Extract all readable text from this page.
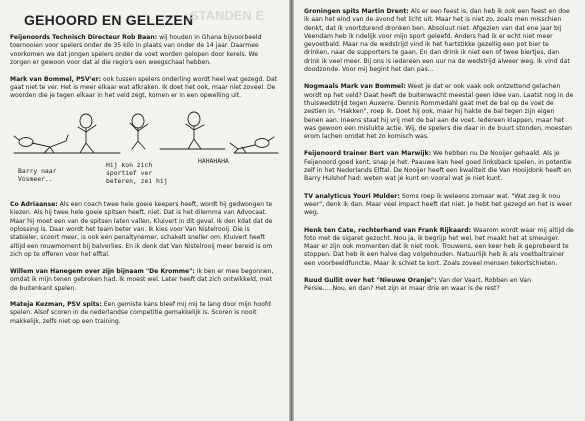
STANDEN E
GEHOORD EN GELEZEN

Feijenoords Technisch Directeur Rob Baan: wij houden in Ghana bijvoorbeeld toernooien voor spelers onder de 35 kilo in plaats van onder de 14 jaar. Daarmee voorkomen we dat jongen spelers onder de voet worden gelopen door kerels. We zorgen er gewoon voor dat al die regio's een weegschaal hebben.

Mark van Bommel, PSV'er: ook tussen spelers onderling wordt heel wat gezegd. Dat gaat niet te ver. Het is meer elkaar wat afkraken. Ik doet het ook, maar niet zoveel. De woorden die je tegen elkaar in het veld zegt, komen er in een opwelling uit.

Barry naar
Vosmeer..
Hij kon zich
sportief ver
beteren, zei hij
HAHAHAHA

Co Adriaanse: Als een coach twee hele goeie keepers heeft, wordt hij gedwongen te kiezen. Als hij twee hele goeie spitsen heeft, niet. Dat is het dilemma van Advocaat. Maar hij moet een van de spitsen laten vallen, Kluivert in dit geval. Ik den kdat dat de oplossing is. Daar wordt het team beter van. Ik kies voor Van Nistelrooij. Die is stabieler, scoort meer, is ook een penaltynemer, schakelt sneller om. Kluivert heeft altijd een rouwmoment bij balverlies. En ik denk dat Van Nistelrooij meer bereid is om zich op te offeren voor het elftal.

Willem van Hanegem over zijn bijnaam "De Kromme": Ik ben er mee begonnen, omdat ik mijn tenen gebroken had. Ik moest wel. Later heeft dat zich ontwikkeld, met de buitenkant spelen.

Mateja Kezman, PSV spits: Een gemiste kans bleef mij mij te lang door mijn hoofd spelen. Alsof scoren in de nederlandse competitie gemakkelijk is. Scoren is nooit makkelijk, zelfs niet op een training.

Groningen spits Martin Drent: Als er een feest is, dan heb ik ook een feest en doe ik aan het eind van de avond het licht uit. Maar het is niet zo, zoals men misschien denkt, dat ik voortdurend dronken ben. Absoluut niet. Afgezien van dat ene jaar bij Veendam heb ik ndelijk voor mijn sport geleefd. Anders had ik er echt niet meer gevoetbald. Maar na de wedstrijd vind ik het hartstikke gezellig een pot bier te drinken, naar de supporters te gaan. En dan drink ik niet een of twee biertjes, dan drink ik veel meer. Bij ons is iedereen een uur na de wedstrijd alweer weg. Ik vind dat doodzonde. Voor mij begint het dan pas...

Nogmaals Mark van Bommel: Weet je dat er ook vaak ook ontzettend gelachen wordt op het veld? Daat heeft de buitenwacht meestal geen idee van. Laatst nog in de thuiswedstrijd tegen Auxerre. Dennis Rommedahl gaat met de bal op de voet de zestien in. "Hakken", roep ik. Doet hij ook, maar hij hakte de bal tegen zijn eigen benen aan. Ineens staat hij vrij met de bal aan de voet. Iedereen klappen, maar het was gewoon een mislukte actie. Wij, de spelers die daar in de buurt stonden, moesten erom lachen omdat het zo komisch was.

Feijenoord trainer Bert van Marwijk: We hebben nu De Nooijer gehaald. Als je Feijenoord goed kent, snap je het. Paauwe kan heel goed linksback spelen, in potentie zelf in het Nederlands Elftal. De Nooijer heeft een kwaliteit die Van Hooijdonk heeft en Barry Hulshof had: weten wat je kunt en vooral wat je niet kunt.

TV analyticus Youri Mulder: Soms roep ik weleens zomaar wat. "Wat zeg ik nou weer", denk ik dan. Maar veel impact heeft dat niet. Je hebt het gezegd en het is weer weg.

Henk ten Cate, rechterhand van Frank Rijkaard: Waarom wordt waar mij altijd de foto met de sigaret gezocht. Nou ja, ik begrijp het wel, het maakt het at smeuiger. Maar er zijn ook momenten dat ik niet rook. Trouwens, een keer heb ik geprobeerd te stoppen. Dat heb ik een halve dag volgehouden. Natuurlijk heb ik als voetbaltrainer een voorbeeldfunctie. Maar ik schiet te kort. Zoals zoveel mensen tekortschieten.

Ruud Gullit over het "Nieuwe Oranje": Van der Vaart, Robben en Van Persie.....Nou, en dan? Het zijn er maar drie en waar is de rest?
